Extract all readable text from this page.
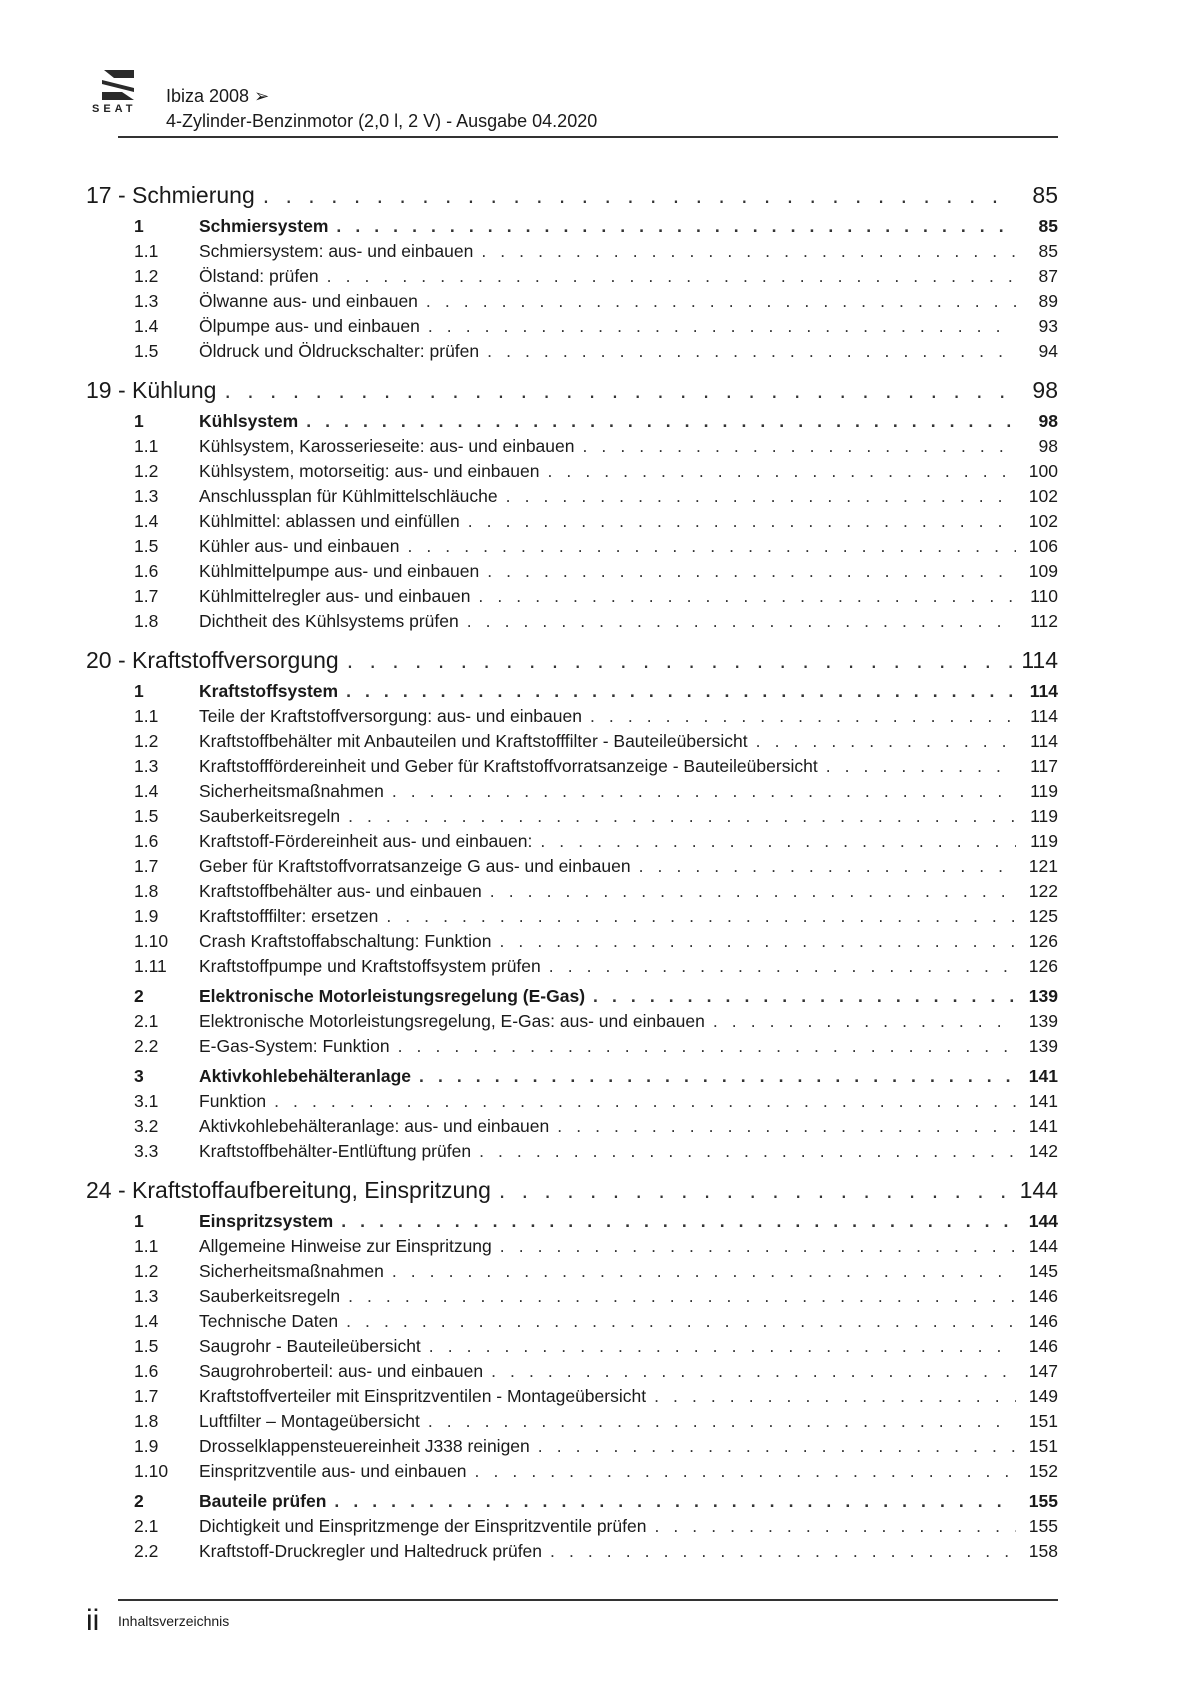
SEAT
Ibiza 2008 ➢
4-Zylinder-Benzinmotor (2,0 l, 2 V) - Ausgabe 04.2020
17 - Schmierung . . .	85
1	Schmiersystem . . .	85
1.1	Schmiersystem: aus- und einbauen . . .	85
1.2	Ölstand: prüfen . . .	87
1.3	Ölwanne aus- und einbauen . . .	89
1.4	Ölpumpe aus- und einbauen . . .	93
1.5	Öldruck und Öldruckschalter: prüfen . . .	94
19 - Kühlung . . .	98
1	Kühlsystem . . .	98
1.1	Kühlsystem, Karosserieseite: aus- und einbauen . . .	98
1.2	Kühlsystem, motorseitig: aus- und einbauen . . .	100
1.3	Anschlussplan für Kühlmittelschläuche . . .	102
1.4	Kühlmittel: ablassen und einfüllen . . .	102
1.5	Kühler aus- und einbauen . . .	106
1.6	Kühlmittelpumpe aus- und einbauen . . .	109
1.7	Kühlmittelregler aus- und einbauen . . .	110
1.8	Dichtheit des Kühlsystems prüfen . . .	112
20 - Kraftstoffversorgung . . .	114
1	Kraftstoffsystem . . .	114
1.1	Teile der Kraftstoffversorgung: aus- und einbauen . . .	114
1.2	Kraftstoffbehälter mit Anbauteilen und Kraftstofffilter - Bauteileübersicht . . .	114
1.3	Kraftstofffördereinheit und Geber für Kraftstoffvorratsanzeige - Bauteileübersicht . . .	117
1.4	Sicherheitsmaßnahmen . . .	119
1.5	Sauberkeitsregeln . . .	119
1.6	Kraftstoff-Fördereinheit aus- und einbauen: . . .	119
1.7	Geber für Kraftstoffvorratsanzeige G aus- und einbauen . . .	121
1.8	Kraftstoffbehälter aus- und einbauen . . .	122
1.9	Kraftstofffilter: ersetzen . . .	125
1.10	Crash Kraftstoffabschaltung: Funktion . . .	126
1.11	Kraftstoffpumpe und Kraftstoffsystem prüfen . . .	126
2	Elektronische Motorleistungsregelung (E-Gas) . . .	139
2.1	Elektronische Motorleistungsregelung, E-Gas: aus- und einbauen . . .	139
2.2	E-Gas-System: Funktion . . .	139
3	Aktivkohlebehälteranlage . . .	141
3.1	Funktion . . .	141
3.2	Aktivkohlebehälteranlage: aus- und einbauen . . .	141
3.3	Kraftstoffbehälter-Entlüftung prüfen . . .	142
24 - Kraftstoffaufbereitung, Einspritzung . . .	144
1	Einspritzsystem . . .	144
1.1	Allgemeine Hinweise zur Einspritzung . . .	144
1.2	Sicherheitsmaßnahmen . . .	145
1.3	Sauberkeitsregeln . . .	146
1.4	Technische Daten . . .	146
1.5	Saugrohr - Bauteileübersicht . . .	146
1.6	Saugrohroberteil: aus- und einbauen . . .	147
1.7	Kraftstoffverteiler mit Einspritzventilen - Montageübersicht . . .	149
1.8	Luftfilter – Montageübersicht . . .	151
1.9	Drosselklappensteuereinheit J338 reinigen . . .	151
1.10	Einspritzventile aus- und einbauen . . .	152
2	Bauteile prüfen . . .	155
2.1	Dichtigkeit und Einspritzmenge der Einspritzventile prüfen . . .	155
2.2	Kraftstoff-Druckregler und Haltedruck prüfen . . .	158
ii Inhaltsverzeichnis
